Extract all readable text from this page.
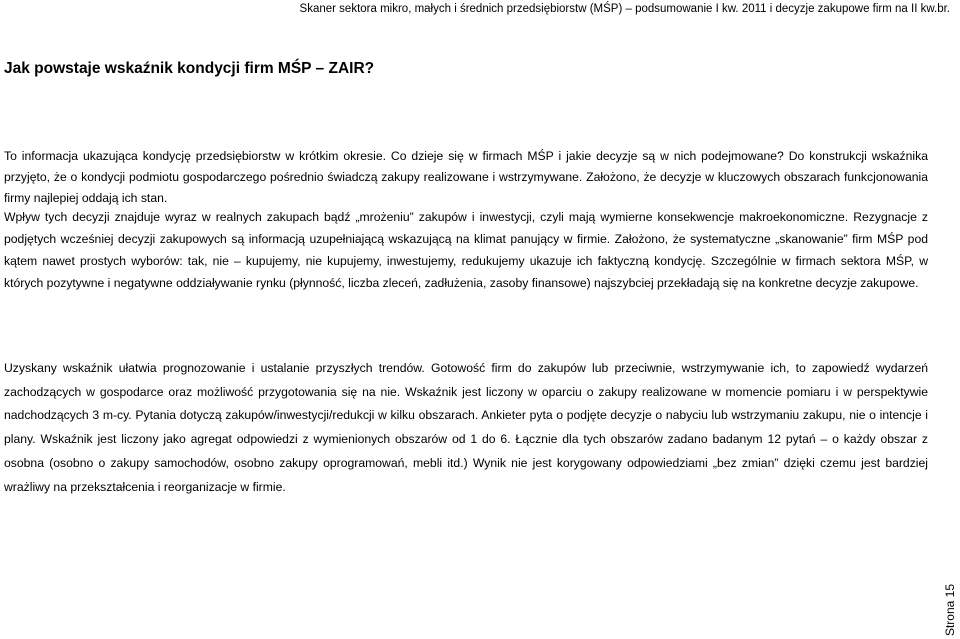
Skaner sektora mikro, małych i średnich przedsiębiorstw (MŚP) – podsumowanie I kw. 2011 i decyzje zakupowe firm na II kw.br.
Jak powstaje wskaźnik kondycji firm MŚP – ZAIR?

To informacja ukazująca kondycję przedsiębiorstw w krótkim okresie. Co dzieje się w firmach MŚP i jakie decyzje są w nich podejmowane? Do konstrukcji wskaźnika przyjęto, że o kondycji podmiotu gospodarczego pośrednio świadczą zakupy realizowane i wstrzymywane. Założono, że decyzje w kluczowych obszarach funkcjonowania firmy najlepiej oddają ich stan.

Wpływ tych decyzji znajduje wyraz w realnych zakupach bądź „mrożeniu” zakupów i inwestycji, czyli mają wymierne konsekwencje makroekonomiczne. Rezygnacje z podjętych wcześniej decyzji zakupowych są informacją uzupełniającą wskazującą na klimat panujący w firmie. Założono, że systematyczne „skanowanie” firm MŚP pod kątem nawet prostych wyborów: tak, nie – kupujemy, nie kupujemy, inwestujemy, redukujemy ukazuje ich faktyczną kondycję. Szczególnie w firmach sektora MŚP, w których pozytywne i negatywne oddziaływanie rynku (płynność, liczba zleceń, zadłużenia, zasoby finansowe) najszybciej przekładają się na konkretne decyzje zakupowe.

Uzyskany wskaźnik ułatwia prognozowanie i ustalanie przyszłych trendów. Gotowość firm do zakupów lub przeciwnie, wstrzymywanie ich, to zapowiedź wydarzeń zachodzących w gospodarce oraz możliwość przygotowania się na nie. Wskaźnik jest liczony w oparciu o zakupy realizowane w momencie pomiaru i w perspektywie nadchodzących 3 m-cy. Pytania dotyczą zakupów/inwestycji/redukcji w kilku obszarach. Ankieter pyta o podjęte decyzje o nabyciu lub wstrzymaniu zakupu, nie o intencje i plany. Wskaźnik jest liczony jako agregat odpowiedzi z wymienionych obszarów od 1 do 6. Łącznie dla tych obszarów zadano badanym 12 pytań – o każdy obszar z osobna (osobno o zakupy samochodów, osobno zakupy oprogramowań, mebli itd.) Wynik nie jest korygowany odpowiedziami „bez zmian” dzięki czemu jest bardziej wrażliwy na przekształcenia i reorganizacje w firmie.

Strona 15
